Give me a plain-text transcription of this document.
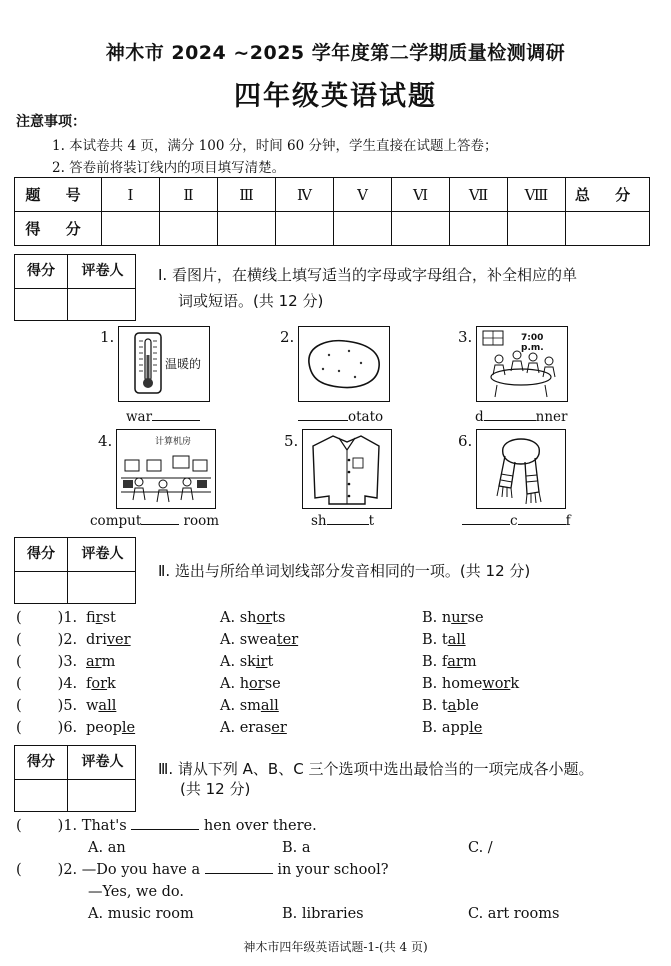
神木市 2024 ~2025 学年度第二学期质量检测调研
四年级英语试题
注意事项：
1. 本试卷共 4 页，满分 100 分，时间 60 分钟，学生直接在试题上答卷；
2. 答卷前将装订线内的项目填写清楚。
题 号	Ⅰ	Ⅱ	Ⅲ	Ⅳ	Ⅴ	Ⅵ	Ⅶ	Ⅷ	总 分
得 分									
得分	评卷人	Ⅰ. 看图片，在横线上填写适当的字母或字母组合，补全相应的单
词或短语。(共 12 分)
1.
温暖的
2.	3.	7:00 p.m.
war	otato	d	nner
4.	计算机房	5.	6.
comput	room	sh	t	c	f
得分	评卷人
Ⅱ. 选出与所给单词划线部分发音相同的一项。(共 12 分)
( )1. first	A. shorts	B. nurse
( )2. driver	A. sweater	B. tall
( )3. arm	A. skirt	B. farm
( )4. fork	A. horse	B. homework
( )5. wall	A. small	B. table
( )6. people	A. eraser	B. apple
得分	评卷人	Ⅲ. 请从下列 A、B、C 三个选项中选出最恰当的一项完成各小题。
(共 12 分)
( )1. That's	hen over there.
A. an	B. a	C. /
( )2. —Do you have a	in your school?
—Yes, we do.
A. music room	B. libraries	C. art rooms
神木市四年级英语试题-1-(共 4 页)
